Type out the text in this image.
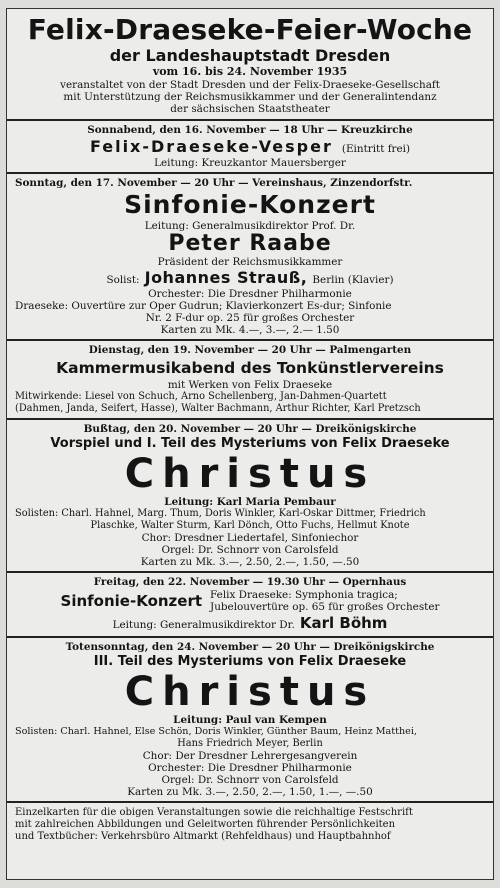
Felix-Draeseke-Feier-Woche
der Landeshauptstadt Dresden
vom 16. bis 24. November 1935
veranstaltet von der Stadt Dresden und der Felix-Draeseke-Gesellschaft
mit Unterstützung der Reichsmusikkammer und der Generalintendanz
der sächsischen Staatstheater
Sonnabend, den 16. November — 18 Uhr — Kreuzkirche
Felix-Draeseke-Vesper (Eintritt frei)
Leitung: Kreuzkantor Mauersberger
Sonntag, den 17. November — 20 Uhr — Vereinshaus, Zinzendorfstr.
Sinfonie-Konzert
Leitung: Generalmusikdirektor Prof. Dr.
Peter Raabe
Präsident der Reichsmusikkammer
Solist: Johannes Strauß, Berlin (Klavier)
Orchester: Die Dresdner Philharmonie
Draeseke: Ouvertüre zur Oper Gudrun; Klavierkonzert Es-dur; Sinfonie
Nr. 2 F-dur op. 25 für großes Orchester
Karten zu Mk. 4.—, 3.—, 2.— 1.50
Dienstag, den 19. November — 20 Uhr — Palmengarten
Kammermusikabend des Tonkünstlervereins
mit Werken von Felix Draeseke
Mitwirkende: Liesel von Schuch, Arno Schellenberg, Jan-Dahmen-Quartett
(Dahmen, Janda, Seifert, Hasse), Walter Bachmann, Arthur Richter, Karl Pretzsch
Bußtag, den 20. November — 20 Uhr — Dreikönigskirche
Vorspiel und I. Teil des Mysteriums von Felix Draeseke
Christus
Leitung: Karl Maria Pembaur
Solisten: Charl. Hahnel, Marg. Thum, Doris Winkler, Karl-Oskar Dittmer, Friedrich
Plaschke, Walter Sturm, Karl Dönch, Otto Fuchs, Hellmut Knote
Chor: Dresdner Liedertafel, Sinfoniechor
Orgel: Dr. Schnorr von Carolsfeld
Karten zu Mk. 3.—, 2.50, 2.—, 1.50, —.50
Freitag, den 22. November — 19.30 Uhr — Opernhaus
Sinfonie-Konzert Felix Draeseke: Symphonia tragica;
Jubelouvertüre op. 65 für großes Orchester
Leitung: Generalmusikdirektor Dr. Karl Böhm
Totensonntag, den 24. November — 20 Uhr — Dreikönigskirche
III. Teil des Mysteriums von Felix Draeseke
Christus
Leitung: Paul van Kempen
Solisten: Charl. Hahnel, Else Schön, Doris Winkler, Günther Baum, Heinz Matthei,
Hans Friedrich Meyer, Berlin
Chor: Der Dresdner Lehrergesangverein
Orchester: Die Dresdner Philharmonie
Orgel: Dr. Schnorr von Carolsfeld
Karten zu Mk. 3.—, 2.50, 2.—, 1.50, 1.—, —.50
Einzelkarten für die obigen Veranstaltungen sowie die reichhaltige Festschrift
mit zahlreichen Abbildungen und Geleitworten führender Persönlichkeiten
und Textbücher: Verkehrsbüro Altmarkt (Rehfeldhaus) und Hauptbahnhof
